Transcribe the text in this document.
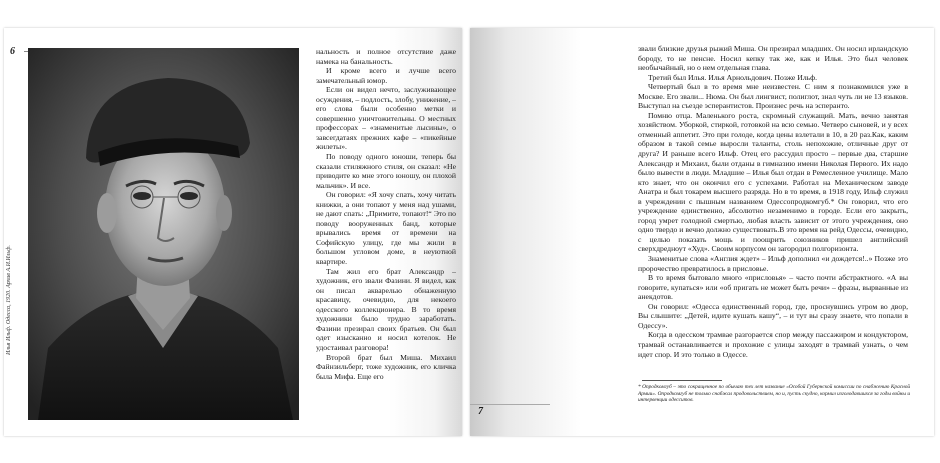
6
Илья Ильф. Одесса, 1920. Архив А.И.Ильф.

нальность и полное отсутствие даже намека на банальность.

И кроме всего и лучше всего замечательный юмор.

Если он видел нечто, заслуживающее осуждения, – подлость, злобу, унижение, – его слова были особенно метки и совершенно уничтожительны. О местных профессорах – «знаменитые лысины», о завсегдатаях прежних кафе – «пикейные жилеты».

По поводу одного юноши, теперь бы сказали стиляжного стиля, он сказал: «Не приводите ко мне этого юношу, он плохой мальчик». И все.

Он говорил: «Я хочу спать, хочу читать книжки, а они топают у меня над ушами, не дают спать: „Примите, топают!“ Это по поводу вооруженных банд, которые врывались время от времени на Софийскую улицу, где мы жили в большом угловом доме, в неуютной квартире.

Там жил его брат Александр – художник, его звали Фазини. Я видел, как он писал акварелью обнаженную красавицу, очевидно, для некоего одесского коллекционера. В то время художники было трудно заработать. Фазини презирал своих братьев. Он был одет изысканно и носил котелок. Не удостаивал разговора!

Второй брат был Миша. Михаил Файнзильберг, тоже художник, его кличка была Мифа. Еще его

звали близкие друзья рыжий Миша. Он презирал младших. Он носил ирландскую бороду, то не пенсне. Носил кепку так же, как и Илья. Это был человек необычайный, но о нем отдельная глава.

Третий был Илья. Илья Арнольдович. Позже Ильф.

Четвертый был в то время мне неизвестен. С ним я познакомился уже в Москве. Его звали... Нюма. Он был лингвист, полиглот, знал чуть ли не 13 языков. Выступал на съезде эсперантистов. Произнес речь на эсперанто.

Помню отца. Маленького роста, скромный служащий. Мать, вечно занятая хозяйством. Уборкой, стиркой, готовкой на всю семью. Четверо сыновей, и у всех отменный аппетит. Это при голоде, когда цены взлетали в 10, в 20 раз.Как, каким образом в такой семье выросли таланты, столь непохожие, отличные друг от друга? И раньше всего Ильф. Отец его рассудил просто – первые два, старшие Александр и Михаил, были отданы в гимназию имени Николая Первого. Их надо было вывести в люди. Младшие – Илья был отдан в Ремесленное училище. Мало кто знает, что он окончил его с успехами. Работал на Механическом заводе Анатра и был токарем высшего разряда. Но в то время, в 1918 году, Ильф служил в учреждении с пышным названием Одессопродкомгуб.* Он говорил, что его учреждение единственно, абсолютно незаменимо в городе. Если его закрыть, город умрет голодной смертью, любая власть зависит от этого учреждения, оно одно твердо и вечно должно существовать.В это время на рейд Одессы, очевидно, с целью показать мощь и поощрить союзников пришел английский сверхдредноут «Худ». Своим корпусом он загородил полгоризонта.

Знаменитые слова «Англия ждет» – Ильф дополнил «и дождется!..» Позже это пророчество превратилось в присловье.

В то время бытовало много «присловья» – часто почти абстрактного. «А вы говорите, купаться» или «об пригать не может быть речи» – фразы, вырванные из анекдотов.

Он говорил: «Одесса единственный город, где, проснувшись утром во двор, Вы слышите: „Детей, идите кушать кашу“, – и тут вы сразу знаете, что попали в Одессу».

Когда в одесском трамвае разгорается спор между пассажиром и кондуктором, трамвай останавливается и прохожие с улицы заходят в трамвай узнать, о чем идет спор. И это только в Одессе.

* Опродкомгуб – это сокращенное по обычаю тех лет название «Особой Губернской комиссии по снабжению Красной Армии». Опродкомгуб не только снабжал продовольствием, но и, пусть скудно, кормил изголодавшихся за годы войны и интервенции одесситов.
7
